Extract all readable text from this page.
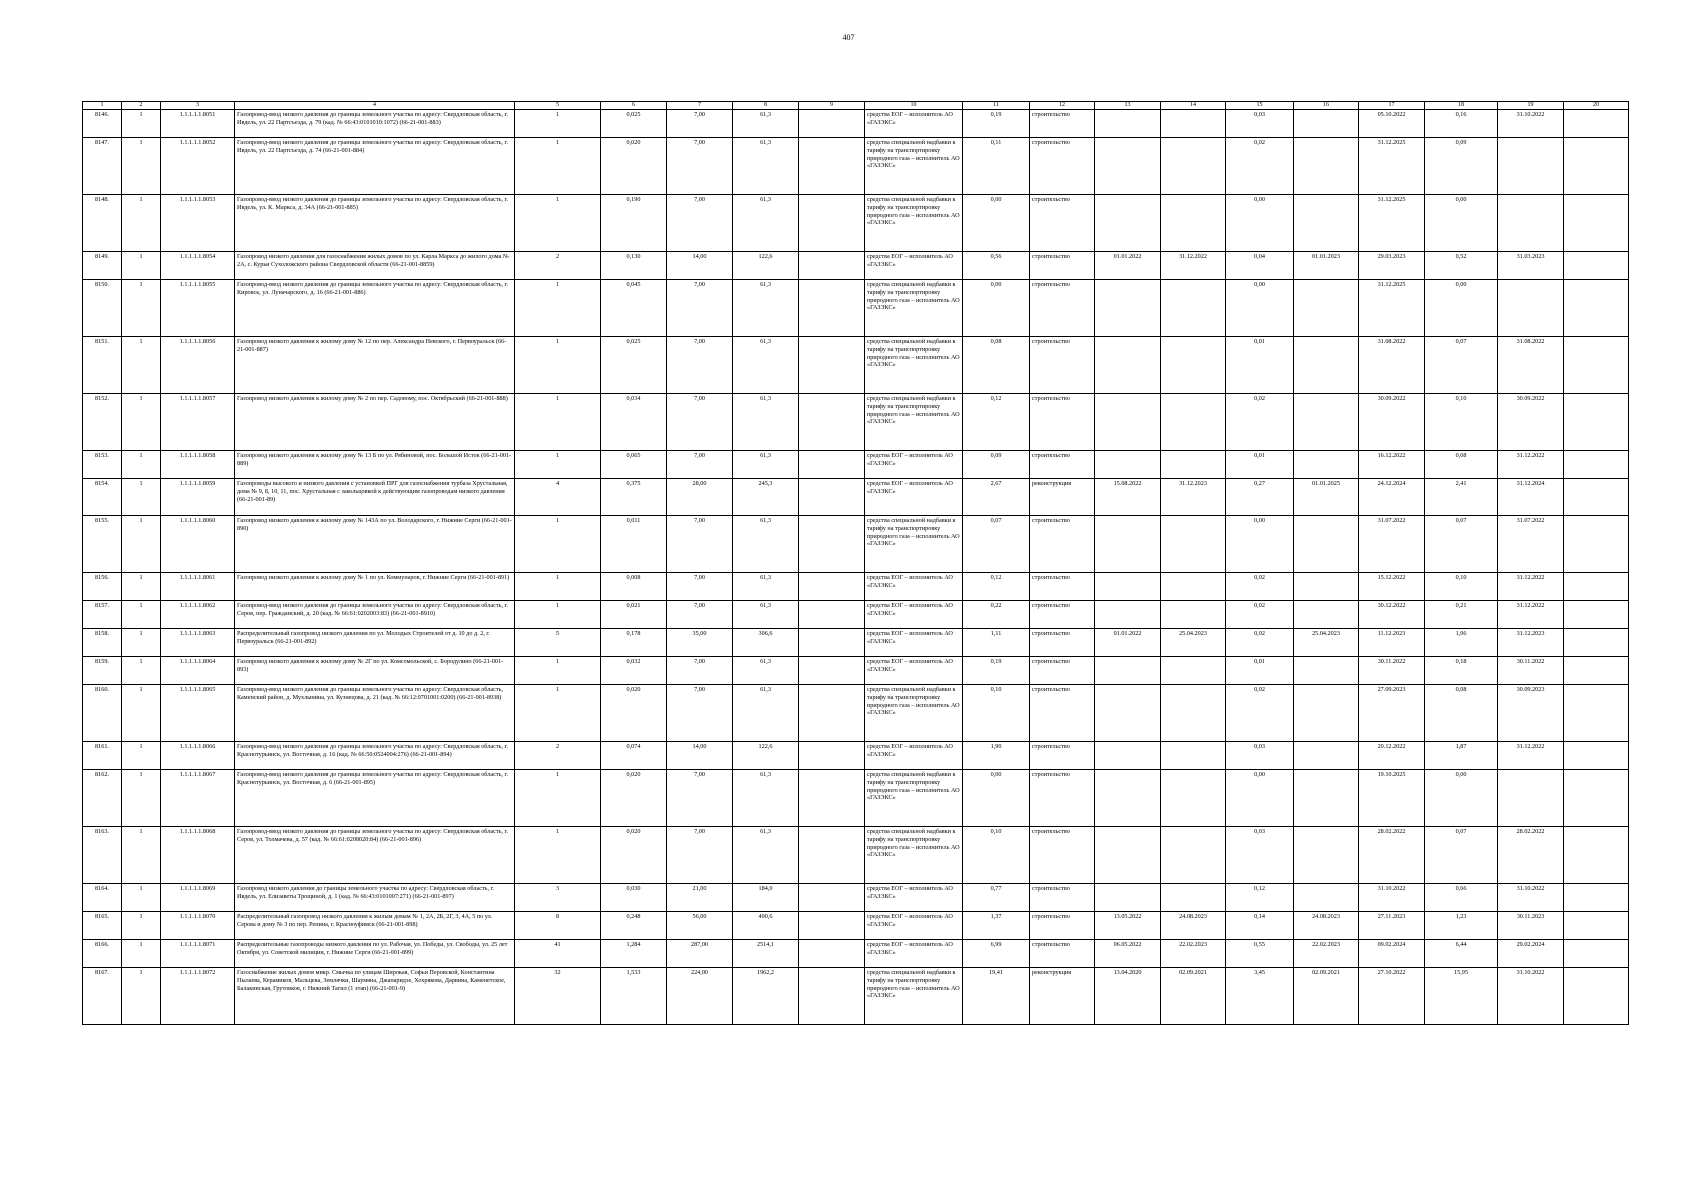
407
1	2	3	4	5	6	7	8	9	10	11	12	13	14	15	16	17	18	19	20
8146.	1	1.1.1.1.1.8051	Газопровод-ввод низкого давления до границы земельного участка по адресу: Свердловская область, г. Ивдель, ул. 22 Партсъезда, д. 79 (кад. № 66:43:0101010:1072) (66-21-001-883)	1	0,025	7,00	61,3		средства ЕОГ – исполнитель АО «ГАЗЭКС»	0,19	строительство			0,03		05.10.2022	0,16	31.10.2022	
8147.	1	1.1.1.1.1.8052	Газопровод-ввод низкого давления до границы земельного участка по адресу: Свердловская область, г. Ивдель, ул. 22 Партсъезда, д. 74 (66-21-001-884)	1	0,020	7,00	61,3		средства специальной надбавки к тарифу на транспортировку природного газа – исполнитель АО «ГАЗЭКС»	0,11	строительство			0,02		31.12.2025	0,09		
8148.	1	1.1.1.1.1.8053	Газопровод-ввод низкого давления до границы земельного участка по адресу: Свердловская область, г. Ивдель, ул. К. Маркса, д. 34А (66-21-001-885)	1	0,190	7,00	61,3		средства специальной надбавки к тарифу на транспортировку природного газа – исполнитель АО «ГАЗЭКС»	0,00	строительство			0,00		31.12.2025	0,00		
8149.	1	1.1.1.1.1.8054	Газопровод низкого давления для газоснабжения жилых домов по ул. Карла Маркса до жилого дома № 2А, с. Курьи Сухоложского района Свердловской области (66-21-001-8859)	2	0,130	14,00	122,6		средства ЕОГ – исполнитель АО «ГАЗЭКС»	0,56	строительство	01.01.2022	31.12.2022	0,04	01.01.2023	29.03.2023	0,52	31.03.2023	
8150.	1	1.1.1.1.1.8055	Газопровод-ввод низкого давления до границы земельного участка по адресу: Свердловская область, г. Кировск, ул. Луначарского, д. 16 (66-21-001-886)	1	0,045	7,00	61,3		средства специальной надбавки к тарифу на транспортировку природного газа – исполнитель АО «ГАЗЭКС»	0,00	строительство			0,00		31.12.2025	0,00		
8151.	1	1.1.1.1.1.8056	Газопровод низкого давления к жилому дому № 12 по пер. Александра Невского, г. Первоуральск (66-21-001-887)	1	0,025	7,00	61,3		средства специальной надбавки к тарифу на транспортировку природного газа – исполнитель АО «ГАЗЭКС»	0,08	строительство			0,01		31.08.2022	0,07	31.08.2022	
8152.	1	1.1.1.1.1.8057	Газопровод низкого давления к жилому дому № 2 по пер. Садовому, пос. Октябрьский (66-21-001-888)	1	0,034	7,00	61,3		средства специальной надбавки к тарифу на транспортировку природного газа – исполнитель АО «ГАЗЭКС»	0,12	строительство			0,02		30.09.2022	0,10	30.09.2022	
8153.	1	1.1.1.1.1.8058	Газопровод низкого давления к жилому дому № 13 Б по ул. Рябиновой, пос. Большой Исток (66-21-001-889)	1	0,065	7,00	61,3		средства ЕОГ – исполнитель АО «ГАЗЭКС»	0,09	строительство			0,01		16.12.2022	0,08	31.12.2022	
8154.	1	1.1.1.1.1.8059	Газопроводы высокого и низкого давления с установкой ПРГ для газоснабжения турбаза Хрустальная, дома № 9, 8, 10, 11, пос. Хрустальная с закольцовкой к действующим газопроводам низкого давления (66-21-001-89)	4	0,375	28,00	245,3		средства ЕОГ – исполнитель АО «ГАЗЭКС»	2,67	реконструкция	15.08.2022	31.12.2023	0,27	01.01.2025	24.12.2024	2,41	31.12.2024	
8155.	1	1.1.1.1.1.8060	Газопровод низкого давления к жилому дому № 143А по ул. Володарского, г. Нижние Серги (66-21-001-890)	1	0,011	7,00	61,3		средства специальной надбавки к тарифу на транспортировку природного газа – исполнитель АО «ГАЗЭКС»	0,07	строительство			0,00		31.07.2022	0,07	31.07.2022	
8156.	1	1.1.1.1.1.8061	Газопровод низкого давления к жилому дому № 1 по ул. Коммунаров, г. Нижние Серги (66-21-001-891)	1	0,008	7,00	61,3		средства ЕОГ – исполнитель АО «ГАЗЭКС»	0,12	строительство			0,02		15.12.2022	0,10	31.12.2022	
8157.	1	1.1.1.1.1.8062	Газопровод-ввод низкого давления до границы земельного участка по адресу: Свердловская область, г. Серов, пер. Гражданский, д. 20 (кад. № 66:61:0202003:83) (66-21-001-8910)	1	0,021	7,00	61,3		средства ЕОГ – исполнитель АО «ГАЗЭКС»	0,22	строительство			0,02		30.12.2022	0,21	31.12.2022	
8158.	1	1.1.1.1.1.8063	Распределительный газопровод низкого давления по ул. Молодых Строителей от д. 10 до д. 2, г. Первоуральск (66-21-001-892)	5	0,178	35,00	306,6		средства ЕОГ – исполнитель АО «ГАЗЭКС»	1,11	строительство	01.01.2022	25.04.2023	0,02	25.04.2023	11.12.2023	1,06	31.12.2023	
8159.	1	1.1.1.1.1.8064	Газопровод низкого давления к жилому дому № 2Г по ул. Комсомольской, с. Бородулино (66-21-001-893)	1	0,032	7,00	61,3		средства ЕОГ – исполнитель АО «ГАЗЭКС»	0,19	строительство			0,01		30.11.2022	0,18	30.11.2022	
8160.	1	1.1.1.1.1.8065	Газопровод-ввод низкого давления до границы земельного участка по адресу: Свердловская область, Каменский район, д. Мухлынина, ул. Кузнецова, д. 21 (кад. № 66:12:0701001:0200) (66-21-001-8938)	1	0,020	7,00	61,3		средства специальной надбавки к тарифу на транспортировку природного газа – исполнитель АО «ГАЗЭКС»	0,10	строительство			0,02		27.09.2023	0,08	30.09.2023	
8161.	1	1.1.1.1.1.8066	Газопровод-ввод низкого давления до границы земельного участка по адресу: Свердловская область, г. Краснотурьинск, ул. Восточная, д. 16 (кад. № 66:50:0524004:276) (66-21-001-894)	2	0,074	14,00	122,6		средства ЕОГ – исполнитель АО «ГАЗЭКС»	1,90	строительство			0,03		20.12.2022	1,87	31.12.2022	
8162.	1	1.1.1.1.1.8067	Газопровод-ввод низкого давления до границы земельного участка по адресу: Свердловская область, г. Краснотурьинск, ул. Восточная, д. 6 (66-21-001-895)	1	0,020	7,00	61,3		средства специальной надбавки к тарифу на транспортировку природного газа – исполнитель АО «ГАЗЭКС»	0,00	строительство			0,00		19.10.2025	0,00		
8163.	1	1.1.1.1.1.8068	Газопровод-ввод низкого давления до границы земельного участка по адресу: Свердловская область, г. Серов, ул. Толмачева, д. 57 (кад. № 66:61:0208020:84) (66-21-001-896)	1	0,020	7,00	61,3		средства специальной надбавки к тарифу на транспортировку природного газа – исполнитель АО «ГАЗЭКС»	0,10	строительство			0,03		28.02.2022	0,07	28.02.2022	
8164.	1	1.1.1.1.1.8069	Газопровод низкого давления до границы земельного участка по адресу: Свердловская область, г. Ивдель, ул. Елизаветы Трощиной, д. 1 (кад. № 66:43:0101007:271) (66-21-001-897)	3	0,030	21,00	184,0		средства ЕОГ – исполнитель АО «ГАЗЭКС»	0,77	строительство			0,12		31.10.2022	0,66	31.10.2022	
8165.	1	1.1.1.1.1.8070	Распределительный газопровод низкого давления к жилым домам № 1, 2А, 2Б, 2Г, 3, 4А, 5 по ул. Серова и дому № 3 по пер. Репина, г. Красноуфимск (66-21-001-898)	8	0,248	56,00	490,6		средства ЕОГ – исполнитель АО «ГАЗЭКС»	1,37	строительство	13.05.2022	24.08.2023	0,14	24.08.2023	27.11.2023	1,23	30.11.2023	
8166.	1	1.1.1.1.1.8071	Распределительные газопроводы низкого давления по ул. Рабочая, ул. Победы, ул. Свободы, ул. 25 лет Октября, ул. Советской милиции, г. Нижние Серги (66-21-001-899)	41	1,284	287,00	2514,1		средства ЕОГ – исполнитель АО «ГАЗЭКС»	6,99	строительство	06.05.2022	22.02.2023	0,55	22.02.2023	09.02.2024	6,44	29.02.2024	
8167.	1	1.1.1.1.1.8072	Газоснабжение жилых домов микр. Смычка по улицам Широкая, Софьи Перовской, Константина Пылаева, Керамиков, Мальцева, Землячки, Шаумяна, Джапаридзе, Хохрякова, Дарвина, Каменетское, Балакинская, Грутовков, г. Нижний Тагил (1 этап) (66-21-001-9)	32	1,533	224,00	1962,2		средства специальной надбавки к тарифу на транспортировку природного газа – исполнитель АО «ГАЗЭКС»	19,41	реконструкция	13.04.2020	02.09.2021	3,45	02.09.2021	27.10.2022	15,95	31.10.2022	
